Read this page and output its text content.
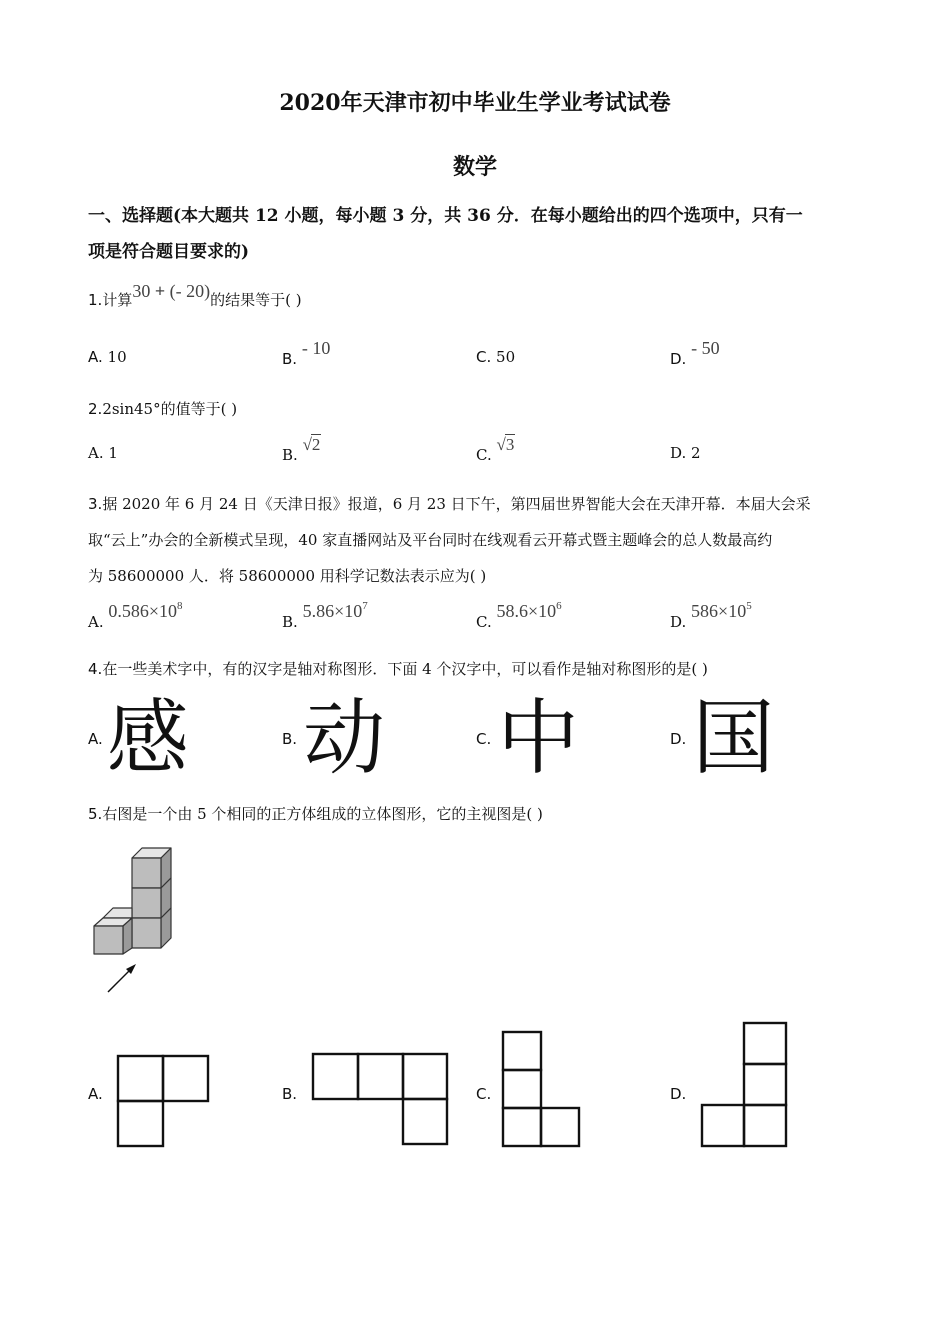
2020年天津市初中毕业生学业考试试卷
数学
一、选择题(本大题共 12 小题，每小题 3 分，共 36 分．在每小题给出的四个选项中，只有一
项是符合题目要求的)
1.计算30 + (- 20)的结果等于( )
A. 10	B. - 10	C. 50	D. - 50
2.2sin45°的值等于( )
A. 1	B. √2
C. √3	D. 2
3.据 2020 年 6 月 24 日《天津日报》报道，6 月 23 日下午，第四届世界智能大会在天津开幕．本届大会采
取“云上”办会的全新模式呈现，40 家直播网站及平台同时在线观看云开幕式暨主题峰会的总人数最高约
为 58600000 人．将 58600000 用科学记数法表示应为( )
A. $0.586\times 10^8$
B. $5.86\times 10^7$
C. $58.6\times 10^6$
D. $586\times 10^5$
4.在一些美术字中，有的汉字是轴对称图形．下面 4 个汉字中，可以看作是轴对称图形的是( )
A. 感	B. 动	C. 中	D. 国
5.右图是一个由 5 个相同的正方体组成的立体图形，它的主视图是( )
A.	B.	C.	D.
